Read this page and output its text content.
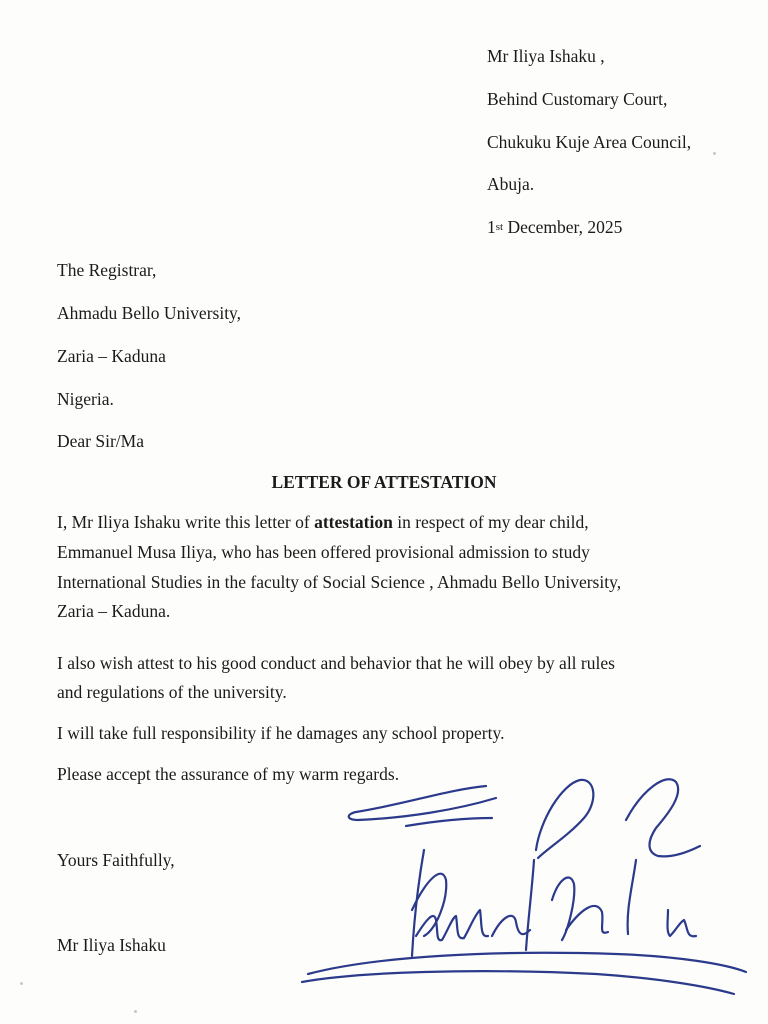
Mr Iliya Ishaku ,
Behind Customary Court,
Chukuku Kuje Area Council,
Abuja.
1st December, 2025
The Registrar,
Ahmadu Bello University,
Zaria – Kaduna
Nigeria.
Dear Sir/Ma
LETTER OF ATTESTATION
I, Mr Iliya Ishaku write this letter of attestation in respect of my dear child,
Emmanuel Musa Iliya, who has been offered provisional admission to study
International Studies in the faculty of Social Science , Ahmadu Bello University,
Zaria – Kaduna.
I also wish attest to his good conduct and behavior that he will obey by all rules
and regulations of the university.
I will take full responsibility if he damages any school property.
Please accept the assurance of my warm regards.
Yours Faithfully,
Mr Iliya Ishaku
